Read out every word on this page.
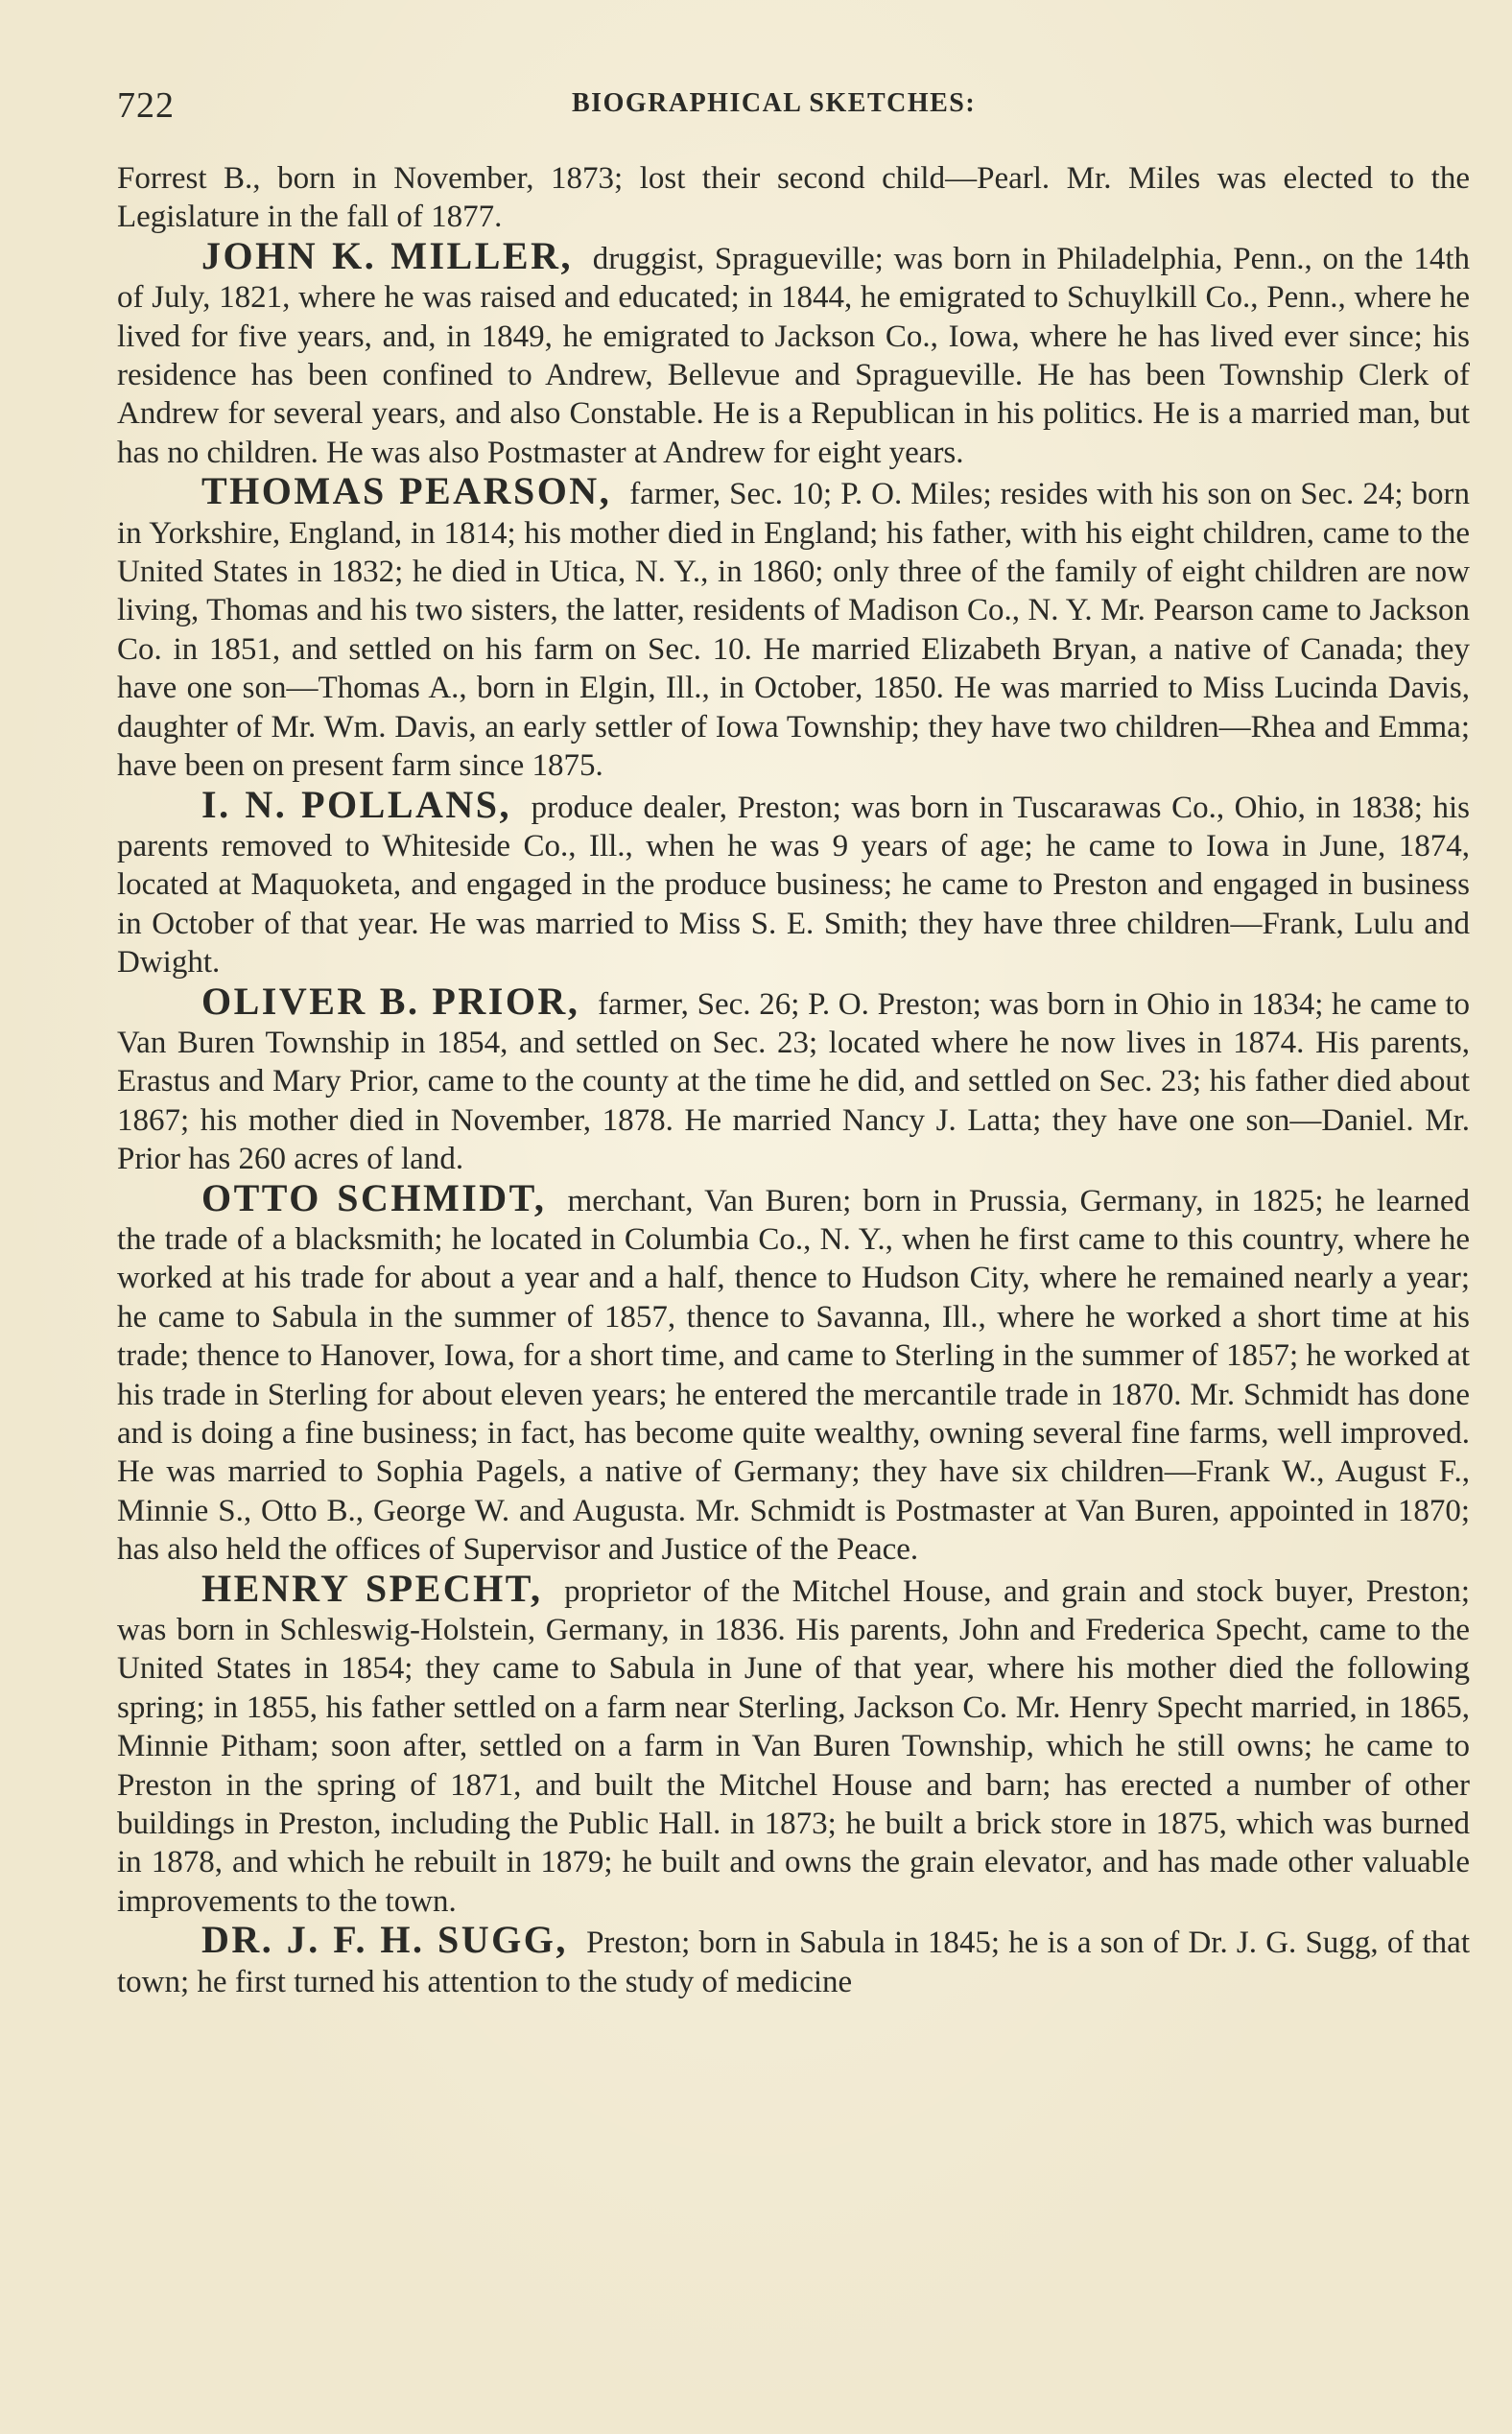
722	BIOGRAPHICAL SKETCHES:

Forrest B., born in November, 1873; lost their second child—Pearl. Mr. Miles was elected to the Legislature in the fall of 1877.

JOHN K. MILLER, druggist, Spragueville; was born in Philadelphia, Penn., on the 14th of July, 1821, where he was raised and educated; in 1844, he emigrated to Schuylkill Co., Penn., where he lived for five years, and, in 1849, he emigrated to Jackson Co., Iowa, where he has lived ever since; his residence has been confined to Andrew, Bellevue and Spragueville. He has been Township Clerk of Andrew for several years, and also Constable. He is a Republican in his politics. He is a married man, but has no children. He was also Postmaster at Andrew for eight years.

THOMAS PEARSON, farmer, Sec. 10; P. O. Miles; resides with his son on Sec. 24; born in Yorkshire, England, in 1814; his mother died in England; his father, with his eight children, came to the United States in 1832; he died in Utica, N. Y., in 1860; only three of the family of eight children are now living, Thomas and his two sisters, the latter, residents of Madison Co., N. Y. Mr. Pearson came to Jackson Co. in 1851, and settled on his farm on Sec. 10. He married Elizabeth Bryan, a native of Canada; they have one son—Thomas A., born in Elgin, Ill., in October, 1850. He was married to Miss Lucinda Davis, daughter of Mr. Wm. Davis, an early settler of Iowa Township; they have two children—Rhea and Emma; have been on present farm since 1875.

I. N. POLLANS, produce dealer, Preston; was born in Tuscarawas Co., Ohio, in 1838; his parents removed to Whiteside Co., Ill., when he was 9 years of age; he came to Iowa in June, 1874, located at Maquoketa, and engaged in the produce business; he came to Preston and engaged in business in October of that year. He was married to Miss S. E. Smith; they have three children—Frank, Lulu and Dwight.

OLIVER B. PRIOR, farmer, Sec. 26; P. O. Preston; was born in Ohio in 1834; he came to Van Buren Township in 1854, and settled on Sec. 23; located where he now lives in 1874. His parents, Erastus and Mary Prior, came to the county at the time he did, and settled on Sec. 23; his father died about 1867; his mother died in November, 1878. He married Nancy J. Latta; they have one son—Daniel. Mr. Prior has 260 acres of land.

OTTO SCHMIDT, merchant, Van Buren; born in Prussia, Germany, in 1825; he learned the trade of a blacksmith; he located in Columbia Co., N. Y., when he first came to this country, where he worked at his trade for about a year and a half, thence to Hudson City, where he remained nearly a year; he came to Sabula in the summer of 1857, thence to Savanna, Ill., where he worked a short time at his trade; thence to Hanover, Iowa, for a short time, and came to Sterling in the summer of 1857; he worked at his trade in Sterling for about eleven years; he entered the mercantile trade in 1870. Mr. Schmidt has done and is doing a fine business; in fact, has become quite wealthy, owning several fine farms, well improved. He was married to Sophia Pagels, a native of Germany; they have six children—Frank W., August F., Minnie S., Otto B., George W. and Augusta. Mr. Schmidt is Postmaster at Van Buren, appointed in 1870; has also held the offices of Supervisor and Justice of the Peace.

HENRY SPECHT, proprietor of the Mitchel House, and grain and stock buyer, Preston; was born in Schleswig-Holstein, Germany, in 1836. His parents, John and Frederica Specht, came to the United States in 1854; they came to Sabula in June of that year, where his mother died the following spring; in 1855, his father settled on a farm near Sterling, Jackson Co. Mr. Henry Specht married, in 1865, Minnie Pitham; soon after, settled on a farm in Van Buren Township, which he still owns; he came to Preston in the spring of 1871, and built the Mitchel House and barn; has erected a number of other buildings in Preston, including the Public Hall. in 1873; he built a brick store in 1875, which was burned in 1878, and which he rebuilt in 1879; he built and owns the grain elevator, and has made other valuable improvements to the town.

DR. J. F. H. SUGG, Preston; born in Sabula in 1845; he is a son of Dr. J. G. Sugg, of that town; he first turned his attention to the study of medicine
